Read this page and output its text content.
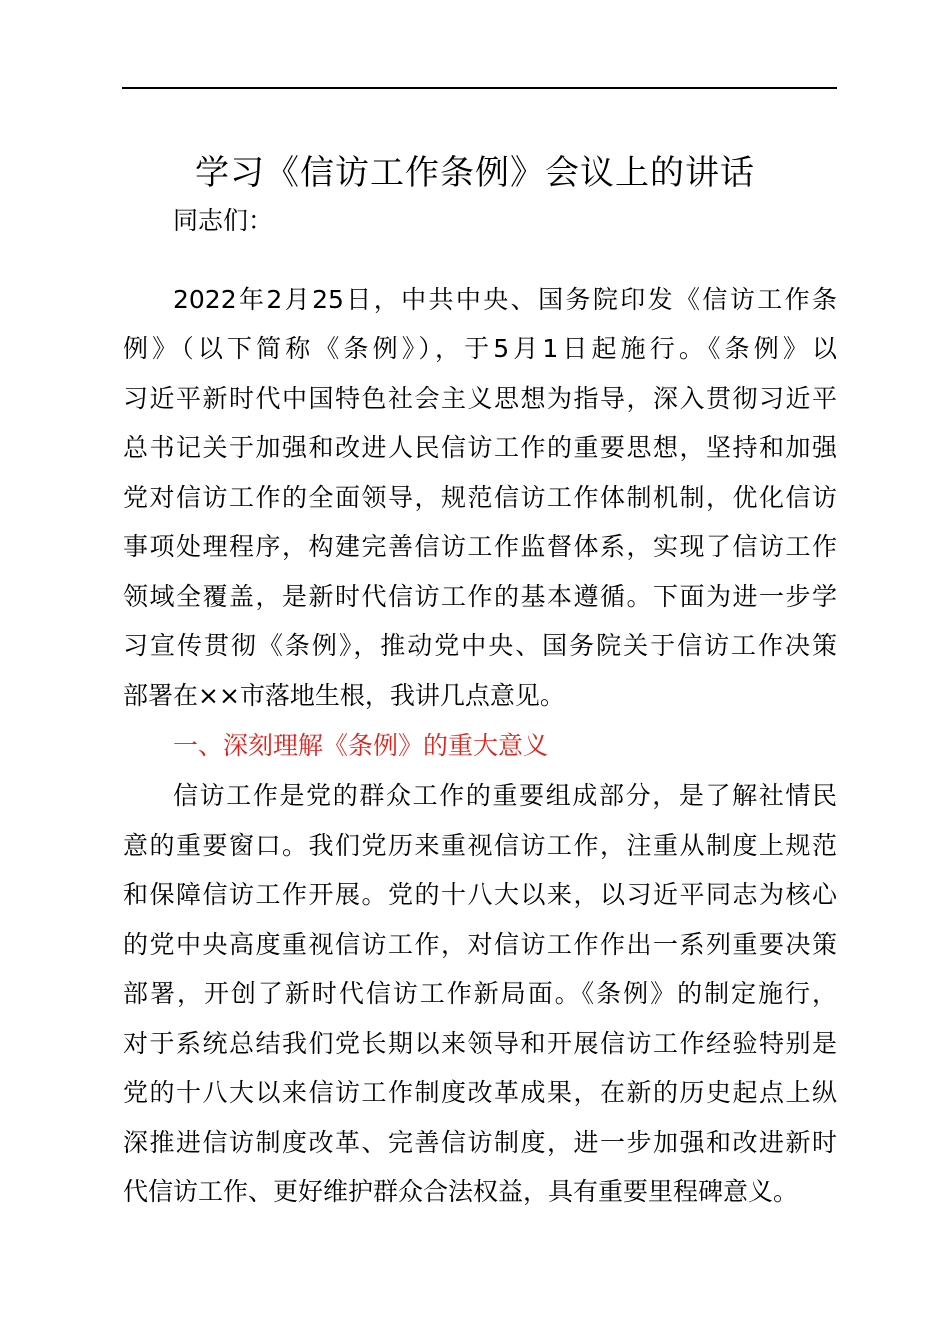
学习《信访工作条例》会议上的讲话
同志们：
2022年2月25日，中共中央、国务院印发《信访工作条
例》（以下简称《条例》），于5月1日起施行。《条例》以
习近平新时代中国特色社会主义思想为指导，深入贯彻习近平
总书记关于加强和改进人民信访工作的重要思想，坚持和加强
党对信访工作的全面领导，规范信访工作体制机制，优化信访
事项处理程序，构建完善信访工作监督体系，实现了信访工作
领域全覆盖，是新时代信访工作的基本遵循。下面为进一步学
习宣传贯彻《条例》，推动党中央、国务院关于信访工作决策
部署在××市落地生根，我讲几点意见。
一、深刻理解《条例》的重大意义
信访工作是党的群众工作的重要组成部分，是了解社情民
意的重要窗口。我们党历来重视信访工作，注重从制度上规范
和保障信访工作开展。党的十八大以来，以习近平同志为核心
的党中央高度重视信访工作，对信访工作作出一系列重要决策
部署，开创了新时代信访工作新局面。《条例》的制定施行，
对于系统总结我们党长期以来领导和开展信访工作经验特别是
党的十八大以来信访工作制度改革成果，在新的历史起点上纵
深推进信访制度改革、完善信访制度，进一步加强和改进新时
代信访工作、更好维护群众合法权益，具有重要里程碑意义。
